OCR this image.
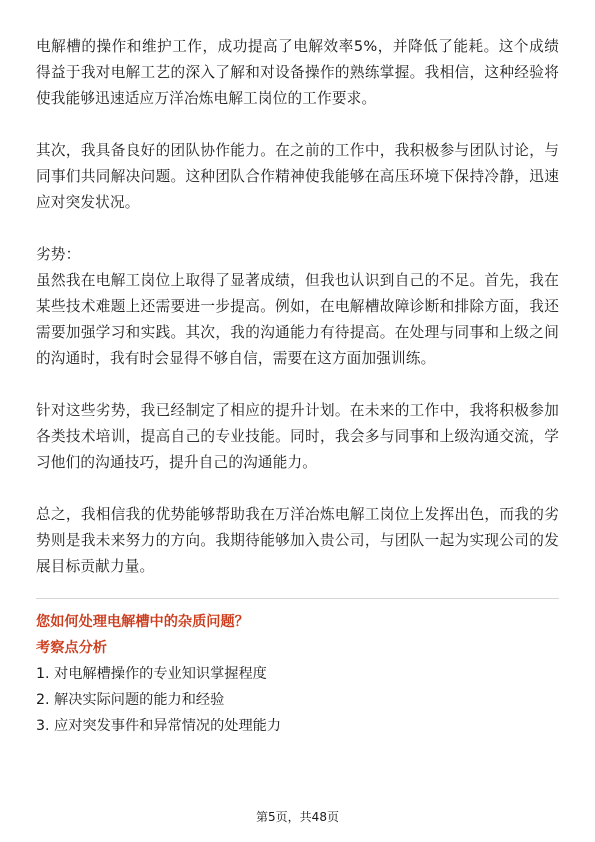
电解槽的操作和维护工作，成功提高了电解效率5%，并降低了能耗。这个成绩得益于我对电解工艺的深入了解和对设备操作的熟练掌握。我相信，这种经验将使我能够迅速适应万洋冶炼电解工岗位的工作要求。

其次，我具备良好的团队协作能力。在之前的工作中，我积极参与团队讨论，与同事们共同解决问题。这种团队合作精神使我能够在高压环境下保持冷静，迅速应对突发状况。

劣势：

虽然我在电解工岗位上取得了显著成绩，但我也认识到自己的不足。首先，我在某些技术难题上还需要进一步提高。例如，在电解槽故障诊断和排除方面，我还需要加强学习和实践。其次，我的沟通能力有待提高。在处理与同事和上级之间的沟通时，我有时会显得不够自信，需要在这方面加强训练。

针对这些劣势，我已经制定了相应的提升计划。在未来的工作中，我将积极参加各类技术培训，提高自己的专业技能。同时，我会多与同事和上级沟通交流，学习他们的沟通技巧，提升自己的沟通能力。

总之，我相信我的优势能够帮助我在万洋冶炼电解工岗位上发挥出色，而我的劣势则是我未来努力的方向。我期待能够加入贵公司，与团队一起为实现公司的发展目标贡献力量。

您如何处理电解槽中的杂质问题？

考察点分析

1. 对电解槽操作的专业知识掌握程度
2. 解决实际问题的能力和经验
3. 应对突发事件和异常情况的处理能力
第5页，共48页
